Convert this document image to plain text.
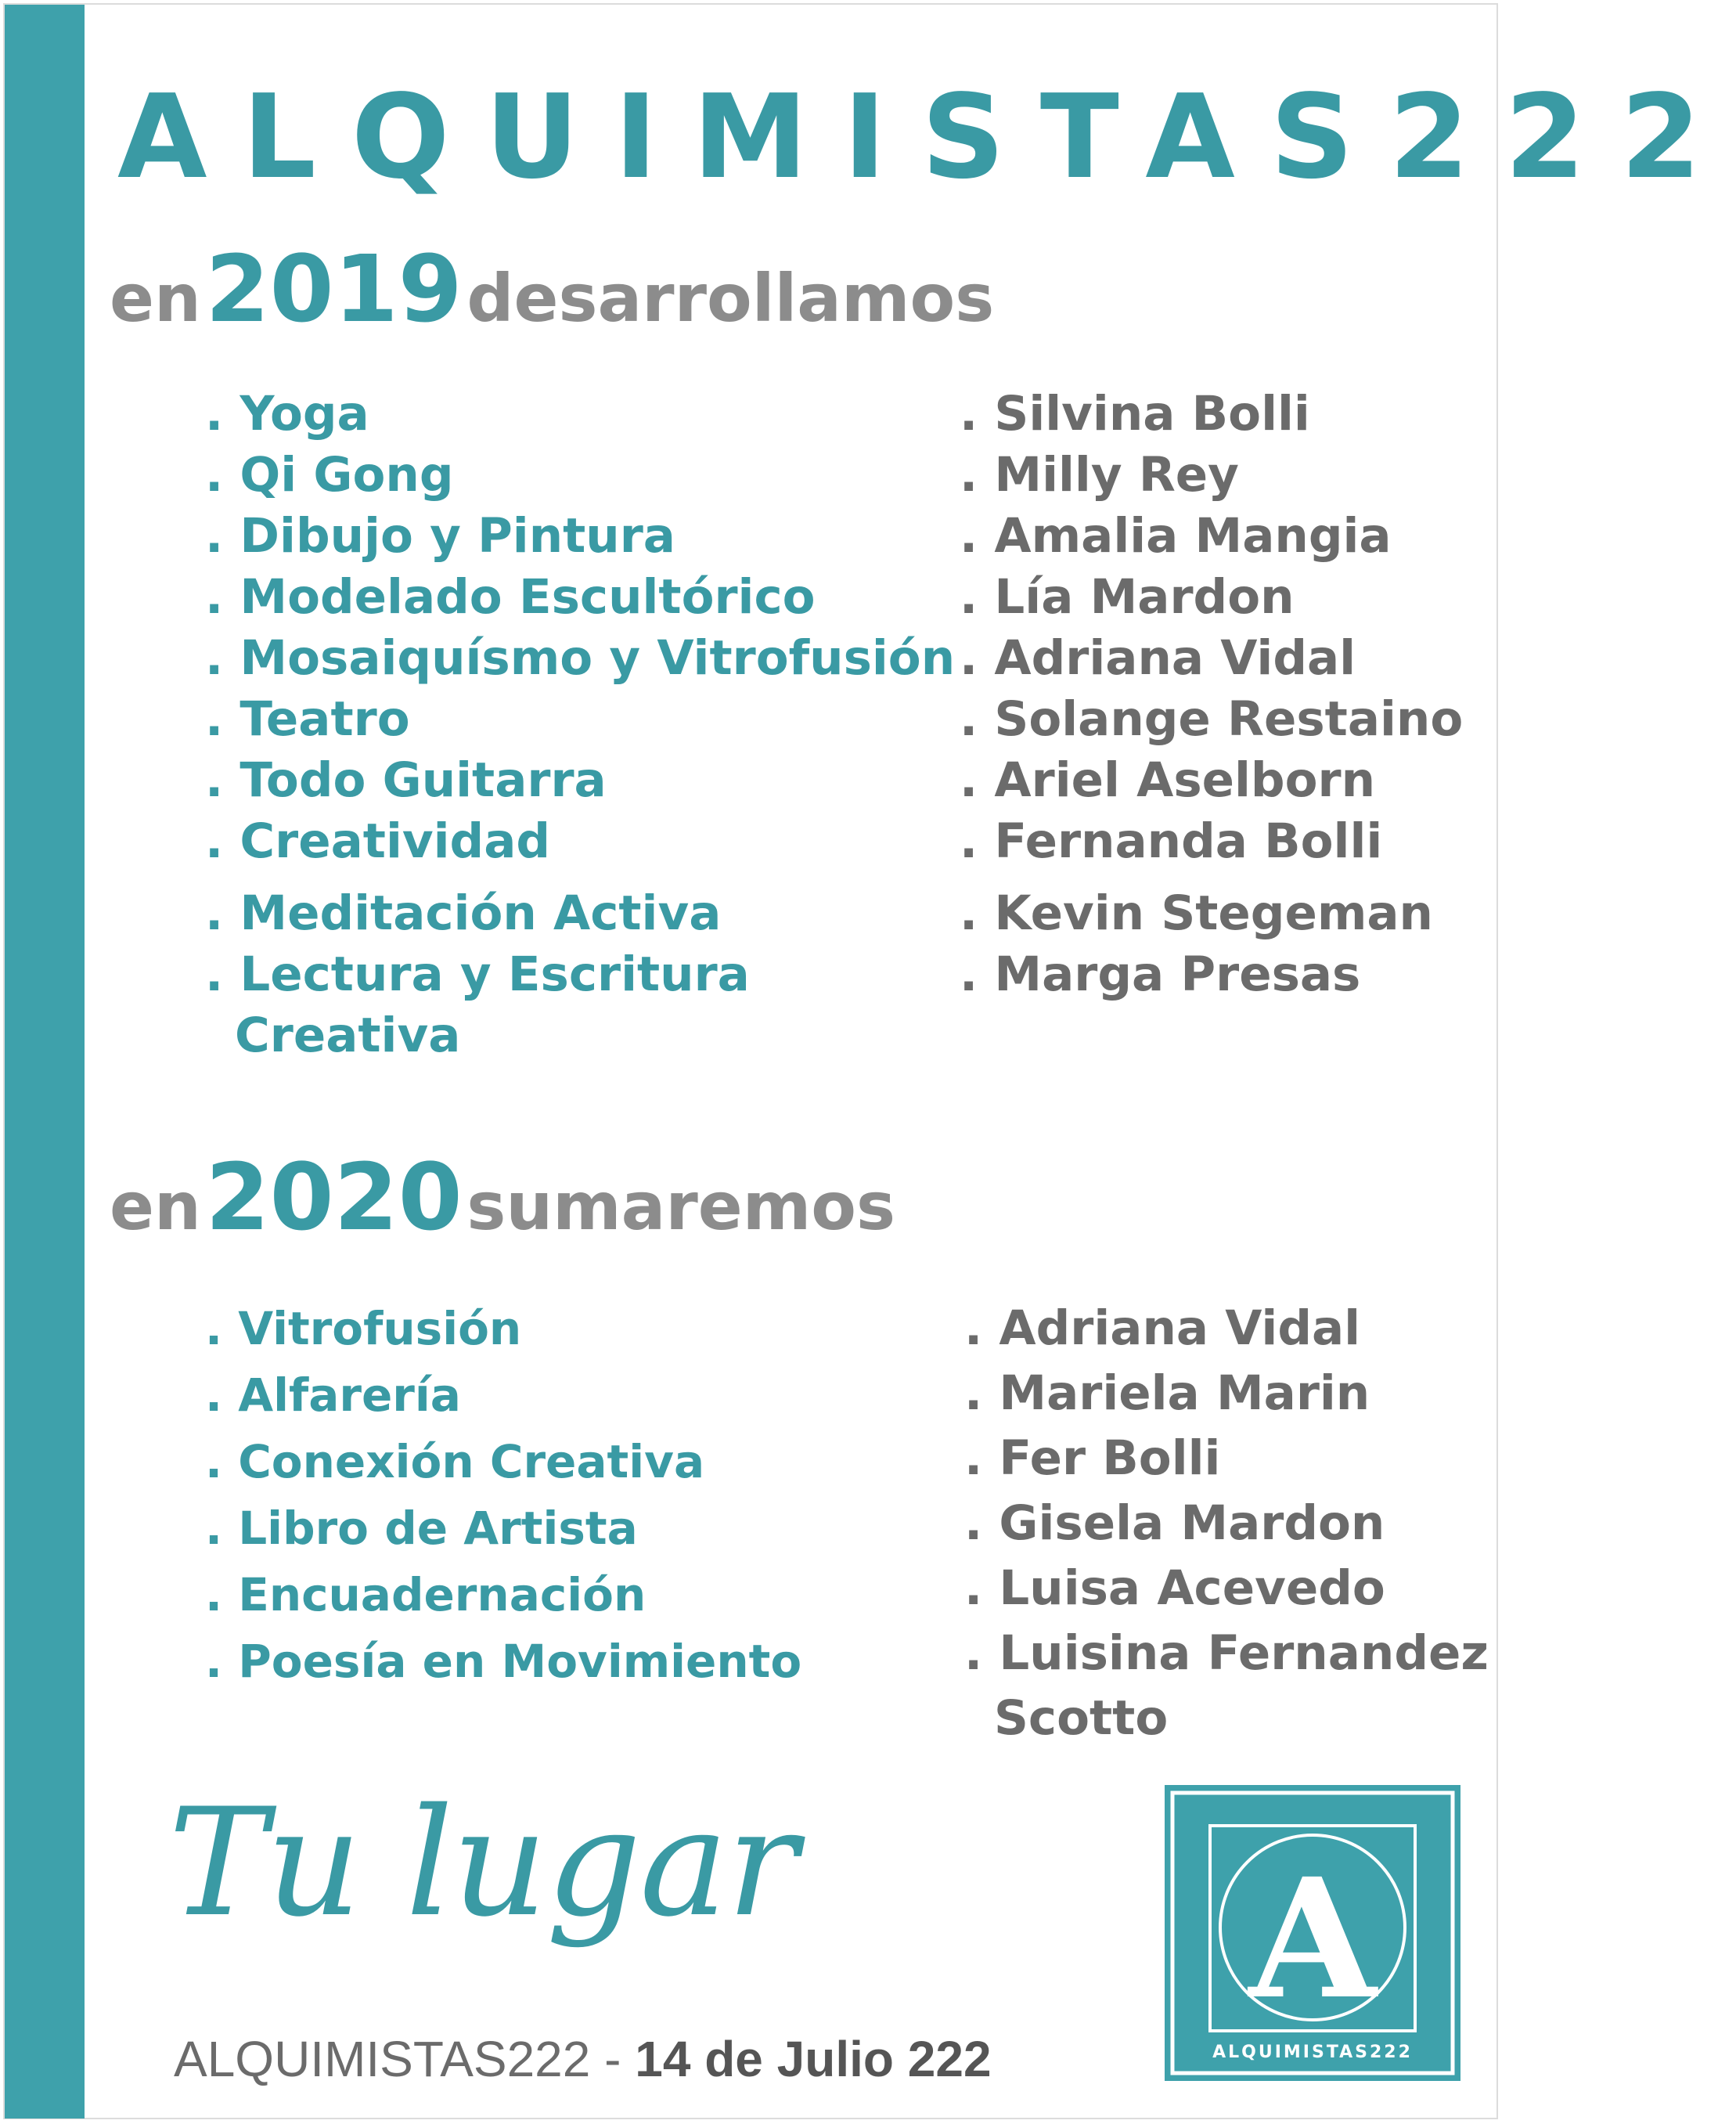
ALQUIMISTAS222
en 2019 desarrollamos
. Yoga
. Qi Gong
. Dibujo y Pintura
. Modelado Escultórico
. Mosaiquísmo y Vitrofusión
. Teatro
. Todo Guitarra
. Creatividad
. Meditación Activa
. Lectura y Escritura
Creativa
. Silvina Bolli
. Milly Rey
. Amalia Mangia
. Lía Mardon
. Adriana Vidal
. Solange Restaino
. Ariel Aselborn
. Fernanda Bolli
. Kevin Stegeman
. Marga Presas
en 2020 sumaremos
. Vitrofusión
. Alfarería
. Conexión Creativa
. Libro de Artista
. Encuadernación
. Poesía en Movimiento
. Adriana Vidal
. Mariela Marin
. Fer Bolli
. Gisela Mardon
. Luisa Acevedo
. Luisina Fernandez
Scotto
Tu lugar
ALQUIMISTAS222 - 14 de Julio 222
A
ALQUIMISTAS222
